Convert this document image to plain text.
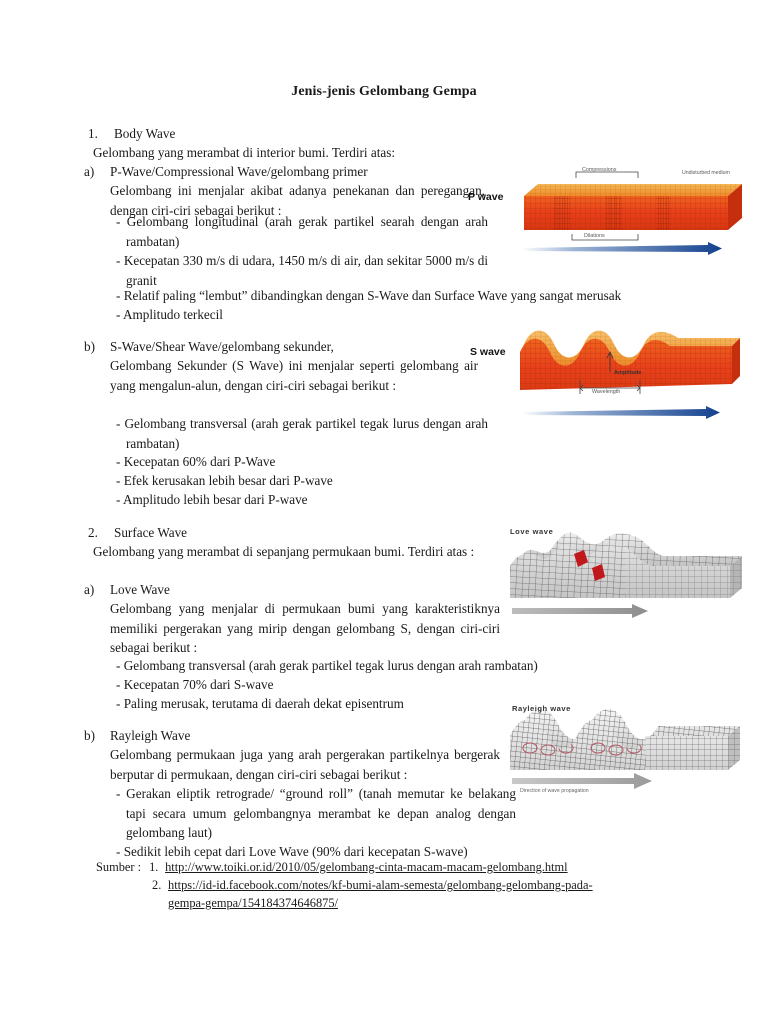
Jenis-jenis Gelombang Gempa
1. Body Wave
Gelombang yang merambat di interior bumi. Terdiri atas:
a) P-Wave/Compressional Wave/gelombang primer
Gelombang ini menjalar akibat adanya penekanan dan peregangan, dengan ciri-ciri sebagai berikut :
- Gelombang longitudinal (arah gerak partikel searah dengan arah rambatan)
- Kecepatan 330 m/s di udara, 1450 m/s di air, dan sekitar 5000 m/s di granit
- Relatif paling “lembut” dibandingkan dengan S-Wave dan Surface Wave yang sangat merusak
- Amplitudo terkecil
b) S-Wave/Shear Wave/gelombang sekunder,
Gelombang Sekunder (S Wave) ini menjalar seperti gelombang air yang mengalun-alun, dengan ciri-ciri sebagai berikut :
- Gelombang transversal (arah gerak partikel tegak lurus dengan arah rambatan)
- Kecepatan 60% dari P-Wave
- Efek kerusakan lebih besar dari P-wave
- Amplitudo lebih besar dari P-wave
2. Surface Wave
Gelombang yang merambat di sepanjang permukaan bumi. Terdiri atas :
a) Love Wave
Gelombang yang menjalar di permukaan bumi yang karakteristiknya memiliki pergerakan yang mirip dengan gelombang S, dengan ciri-ciri sebagai berikut :
- Gelombang transversal (arah gerak partikel tegak lurus dengan arah rambatan)
- Kecepatan 70% dari S-wave
- Paling merusak, terutama di daerah dekat episentrum
b) Rayleigh Wave
Gelombang permukaan juga yang arah pergerakan partikelnya bergerak berputar di permukaan, dengan ciri-ciri sebagai berikut :
- Gerakan eliptik retrograde/ “ground roll” (tanah memutar ke belakang tapi secara umum gelombangnya merambat ke depan analog dengan gelombang laut)
- Sedikit lebih cepat dari Love Wave (90% dari kecepatan S-wave)
P wave
S wave
Compressions
Dilations
Undisturbed medium
Amplitude
Wavelength
Love wave
Rayleigh wave
Direction of wave propagation
Sumber : 1. http://www.toiki.or.id/2010/05/gelombang-cinta-macam-macam-gelombang.html
2. https://id-id.facebook.com/notes/kf-bumi-alam-semesta/gelombang-gelombang-pada-
gempa-gempa/154184374646875/
